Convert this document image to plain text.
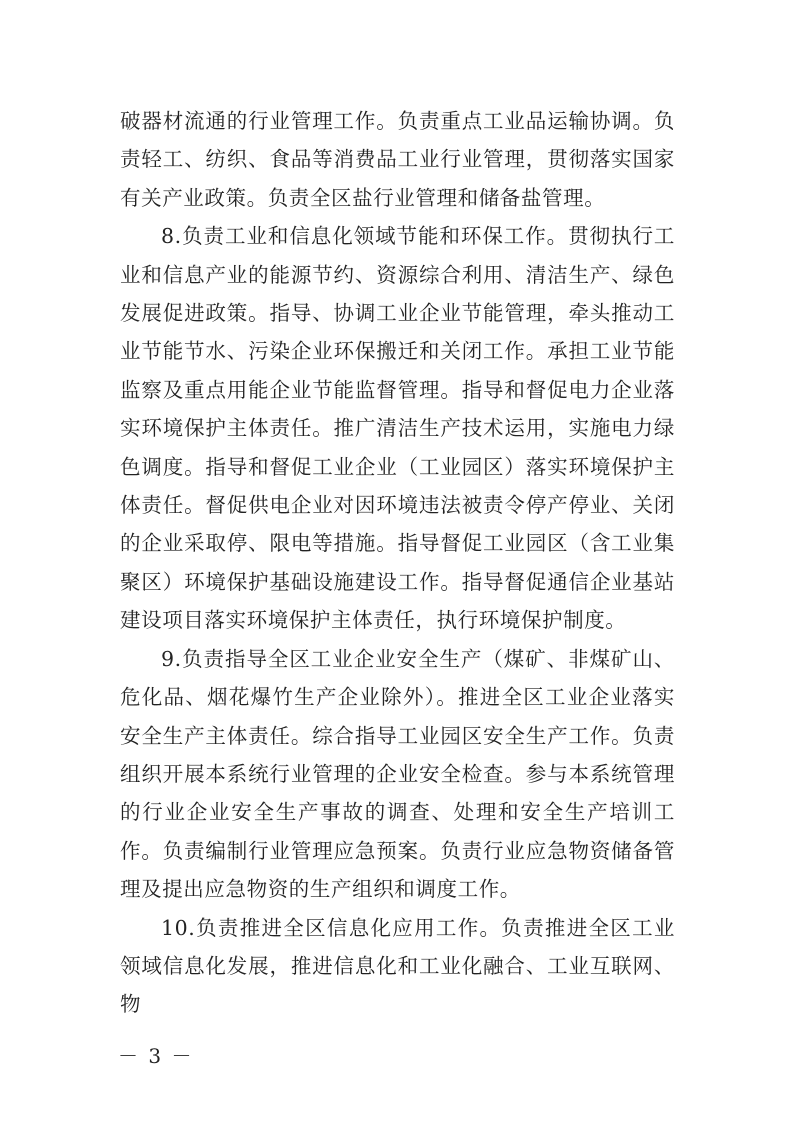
破器材流通的行业管理工作。负责重点工业品运输协调。负责轻工、纺织、食品等消费品工业行业管理，贯彻落实国家有关产业政策。负责全区盐行业管理和储备盐管理。

8.负责工业和信息化领域节能和环保工作。贯彻执行工业和信息产业的能源节约、资源综合利用、清洁生产、绿色发展促进政策。指导、协调工业企业节能管理，牵头推动工业节能节水、污染企业环保搬迁和关闭工作。承担工业节能监察及重点用能企业节能监督管理。指导和督促电力企业落实环境保护主体责任。推广清洁生产技术运用，实施电力绿色调度。指导和督促工业企业（工业园区）落实环境保护主体责任。督促供电企业对因环境违法被责令停产停业、关闭的企业采取停、限电等措施。指导督促工业园区（含工业集聚区）环境保护基础设施建设工作。指导督促通信企业基站建设项目落实环境保护主体责任，执行环境保护制度。

9.负责指导全区工业企业安全生产（煤矿、非煤矿山、危化品、烟花爆竹生产企业除外）。推进全区工业企业落实安全生产主体责任。综合指导工业园区安全生产工作。负责组织开展本系统行业管理的企业安全检查。参与本系统管理的行业企业安全生产事故的调查、处理和安全生产培训工作。负责编制行业管理应急预案。负责行业应急物资储备管理及提出应急物资的生产组织和调度工作。

10.负责推进全区信息化应用工作。负责推进全区工业领域信息化发展，推进信息化和工业化融合、工业互联网、物

－ 3 －
